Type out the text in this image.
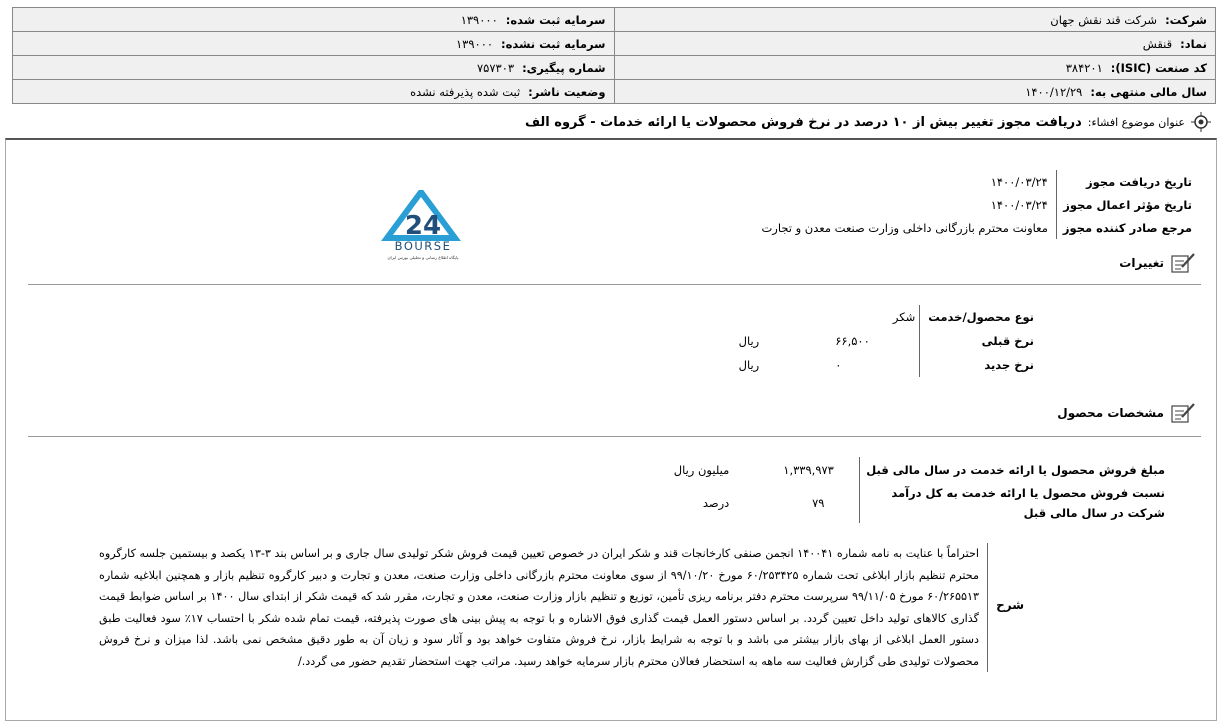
شرکت:
شرکت قند نقش جهان
سرمایه ثبت شده:
۱۳۹۰۰۰
نماد:
قنقش
سرمایه ثبت نشده:
۱۳۹۰۰۰
کد صنعت (ISIC):
۳۸۴۲۰۱
شماره پیگیری:
۷۵۷۳۰۳
سال مالی منتهی به:
۱۴۰۰/۱۲/۲۹
وضعیت ناشر:
ثبت شده پذیرفته نشده
عنوان موضوع افشاء:
دریافت مجوز تغییر بیش از ۱۰ درصد در نرخ فروش محصولات یا ارائه خدمات - گروه الف
تاریخ دریافت مجوز	۱۴۰۰/۰۳/۲۴
تاریخ مؤثر اعمال مجوز	۱۴۰۰/۰۳/۲۴
مرجع صادر کننده مجوز	معاونت محترم بازرگانی داخلی وزارت صنعت معدن و تجارت
24
BOURSE
پایگاه اطلاع رسانی و تحلیلی بورس ایران	تغییرات
نوع محصول/خدمت	شکر		
نرخ قبلی	۶۶,۵۰۰		ریال
نرخ جدید	۰		ریال
مشخصات محصول
مبلغ فروش محصول یا ارائه خدمت در سال مالی قبل	۱,۳۳۹,۹۷۳		میلیون ریال

نسبت فروش محصول یا ارائه خدمت به کل درآمد
شرکت در سال مالی قبل	۷۹		درصد
شرح
احتراماً با عنایت به نامه شماره ۱۴۰۰۴۱ انجمن صنفی کارخانجات قند و شکر ایران در خصوص تعیین قیمت فروش شکر تولیدی سال جاری و بر اساس بند ۳-۱۳ یکصد و بیستمین جلسه کارگروه محترم تنظیم بازار ابلاغی تحت شماره ۶۰/۲۵۳۴۲۵ مورخ ۹۹/۱۰/۲۰ از سوی معاونت محترم بازرگانی داخلی وزارت صنعت، معدن و تجارت و دبیر کارگروه تنظیم بازار و همچنین ابلاغیه شماره ۶۰/۲۶۵۵۱۳ مورخ ۹۹/۱۱/۰۵ سرپرست محترم دفتر برنامه ریزی تأمین، توزیع و تنظیم بازار وزارت صنعت، معدن و تجارت، مقرر شد که قیمت شکر از ابتدای سال ۱۴۰۰ بر اساس ضوابط قیمت گذاری کالاهای تولید داخل تعیین گردد. بر اساس دستور العمل قیمت گذاری فوق الاشاره و با توجه به پیش بینی های صورت پذیرفته، قیمت تمام شده شکر با احتساب ۱۷٪ سود فعالیت طبق دستور العمل ابلاغی از بهای بازار بیشتر می باشد و با توجه به شرایط بازار، نرخ فروش متفاوت خواهد بود و آثار سود و زیان آن به طور دقیق مشخص نمی باشد. لذا میزان و نرخ فروش محصولات تولیدی طی گزارش فعالیت سه ماهه به استحضار فعالان محترم بازار سرمایه خواهد رسید. مراتب جهت استحضار تقدیم حضور می گردد./
